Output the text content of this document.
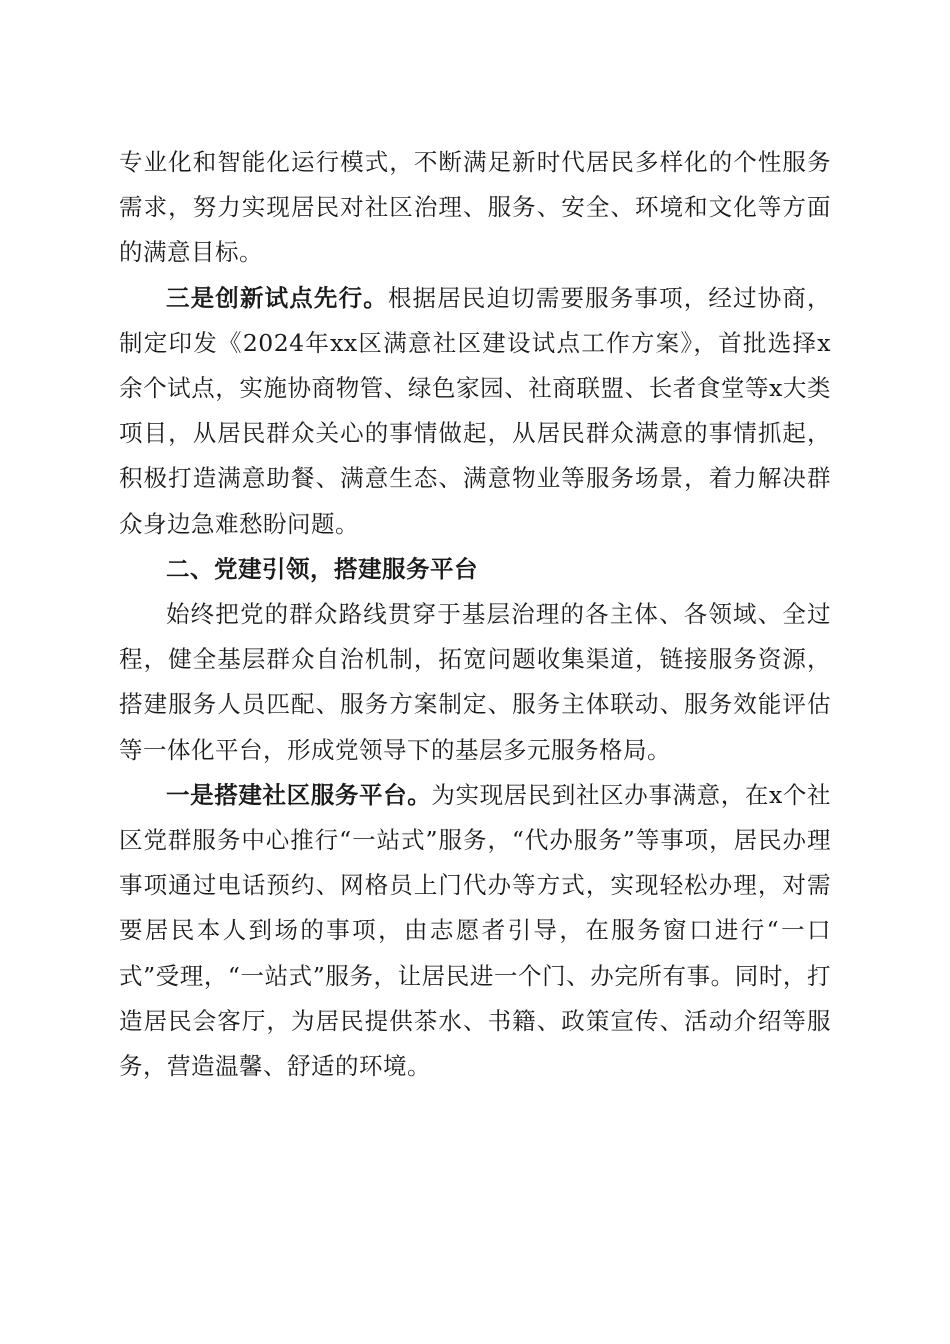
专业化和智能化运行模式，不断满足新时代居民多样化的个性服务需求，努力实现居民对社区治理、服务、安全、环境和文化等方面的满意目标。

三是创新试点先行。根据居民迫切需要服务事项，经过协商，制定印发《2024年xx区满意社区建设试点工作方案》，首批选择x余个试点，实施协商物管、绿色家园、社商联盟、长者食堂等x大类项目，从居民群众关心的事情做起，从居民群众满意的事情抓起，积极打造满意助餐、满意生态、满意物业等服务场景，着力解决群众身边急难愁盼问题。

二、党建引领，搭建服务平台

始终把党的群众路线贯穿于基层治理的各主体、各领域、全过程，健全基层群众自治机制，拓宽问题收集渠道，链接服务资源，搭建服务人员匹配、服务方案制定、服务主体联动、服务效能评估等一体化平台，形成党领导下的基层多元服务格局。

一是搭建社区服务平台。为实现居民到社区办事满意，在x个社区党群服务中心推行“一站式”服务，“代办服务”等事项，居民办理事项通过电话预约、网格员上门代办等方式，实现轻松办理，对需要居民本人到场的事项，由志愿者引导，在服务窗口进行“一口式”受理，“一站式”服务，让居民进一个门、办完所有事。同时，打造居民会客厅，为居民提供茶水、书籍、政策宣传、活动介绍等服务，营造温馨、舒适的环境。
